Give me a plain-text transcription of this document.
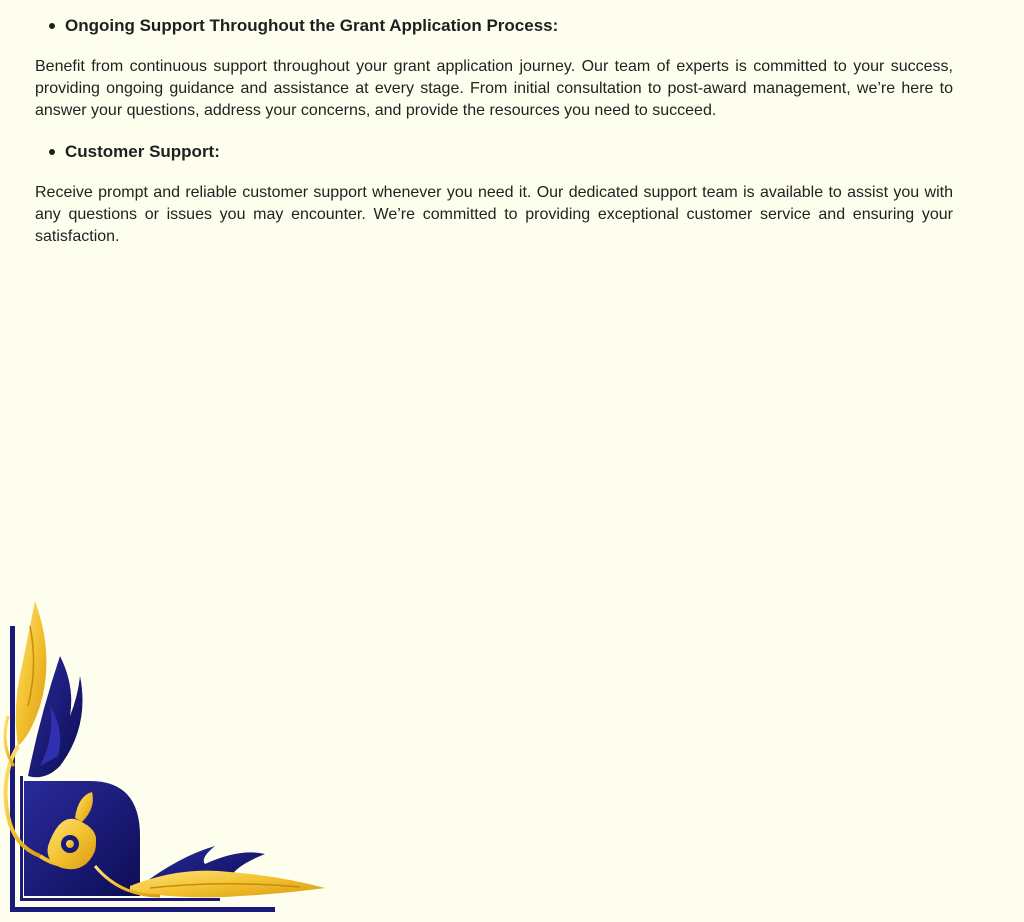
Ongoing Support Throughout the Grant Application Process:

Benefit from continuous support throughout your grant application journey. Our team of experts is committed to your success, providing ongoing guidance and assistance at every stage. From initial consultation to post-award management, we’re here to answer your questions, address your concerns, and provide the resources you need to succeed.

Customer Support:

Receive prompt and reliable customer support whenever you need it. Our dedicated support team is available to assist you with any questions or issues you may encounter. We’re committed to providing exceptional customer service and ensuring your satisfaction.
